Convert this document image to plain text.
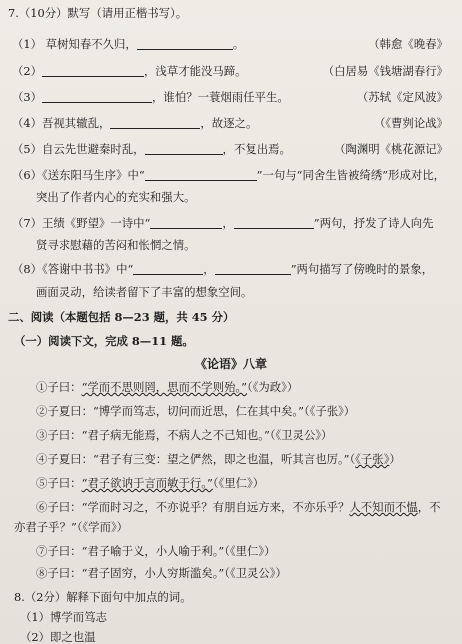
7.（10分）默写（请用正楷书写）。
（1） 草树知春不久归，	。	（韩愈《晚春》
（2）	，浅草才能没马蹄。	（白居易《钱塘湖春行》
（3）	，谁怕？一蓑烟雨任平生。	（苏轼《定风波》
（4）吾视其辙乱，	，故逐之。	（《曹刿论战》
（5）自云先世避秦时乱，	，不复出焉。	（陶渊明《桃花源记》
（6）《送东阳马生序》中“	”一句与“同舍生皆被绮绣”形成对比，
突出了作者内心的充实和强大。
（7）王绩《野望》一诗中“	，	”两句，抒发了诗人向先
贤寻求慰藉的苦闷和怅惘之情。
（8）《答谢中书书》中“	，	”两句描写了傍晚时的景象，
画面灵动，给读者留下了丰富的想象空间。
二、阅读（本题包括 8—23 题，共 45 分）
（一）阅读下文，完成 8—11 题。
《论语》八章
①子曰：“学而不思则罔，思而不学则殆。”（《为政》）
②子夏曰：“博学而笃志，切问而近思，仁在其中矣。”（《子张》）
③子曰：“君子病无能焉，不病人之不己知也。”（《卫灵公》）
④子夏曰：“君子有三变：望之俨然，即之也温，听其言也厉。”（《子张》）
⑤子曰：“君子欲讷于言而敏于行。”（《里仁》）
⑥子曰：“学而时习之，不亦说乎？有朋自远方来，不亦乐乎？人不知而不愠，不
亦君子乎？”（《学而》）
⑦子曰：“君子喻于义，小人喻于利。”（《里仁》）
⑧子曰：“君子固穷，小人穷斯滥矣。”（《卫灵公》）
8.（2分）解释下面句中加点的词。
（1）博学而笃志
（2）即之也温
